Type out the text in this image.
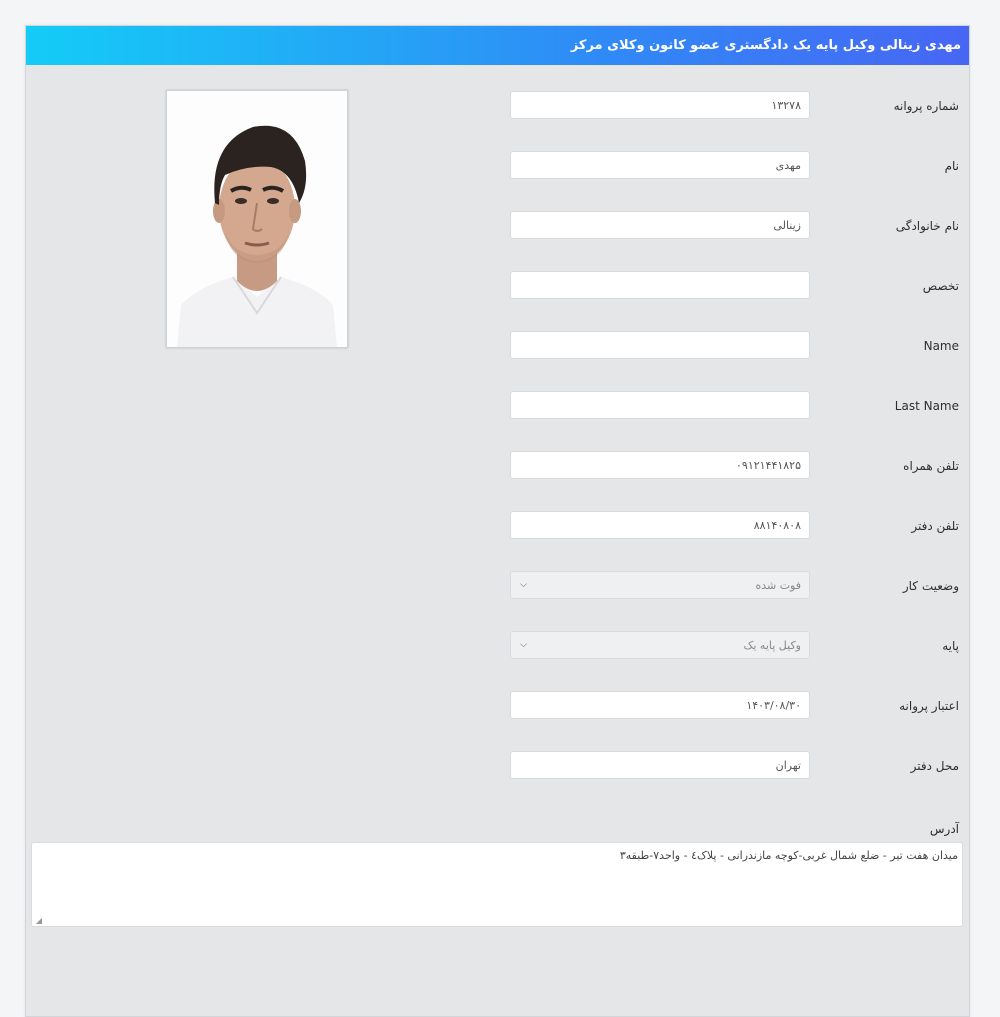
مهدی زینالی وکیل پایه یک دادگستری عضو کانون وکلای مرکز
شماره پروانه
۱۳۲۷۸
نام
مهدی
نام خانوادگی
زینالی
تخصص
Name
Last Name
تلفن همراه
۰۹۱۲۱۴۴۱۸۲۵
تلفن دفتر
۸۸۱۴۰۸۰۸
وضعیت کار
فوت شده
⌵
پایه
وکیل پایه یک
⌵
اعتبار پروانه
۱۴۰۳/۰۸/۳۰
محل دفتر
تهران
آدرس
میدان هفت تیر - ضلع شمال غربی-کوچه مازندرانی - پلاک٤ - واحد٧-طبقه٣
◢
